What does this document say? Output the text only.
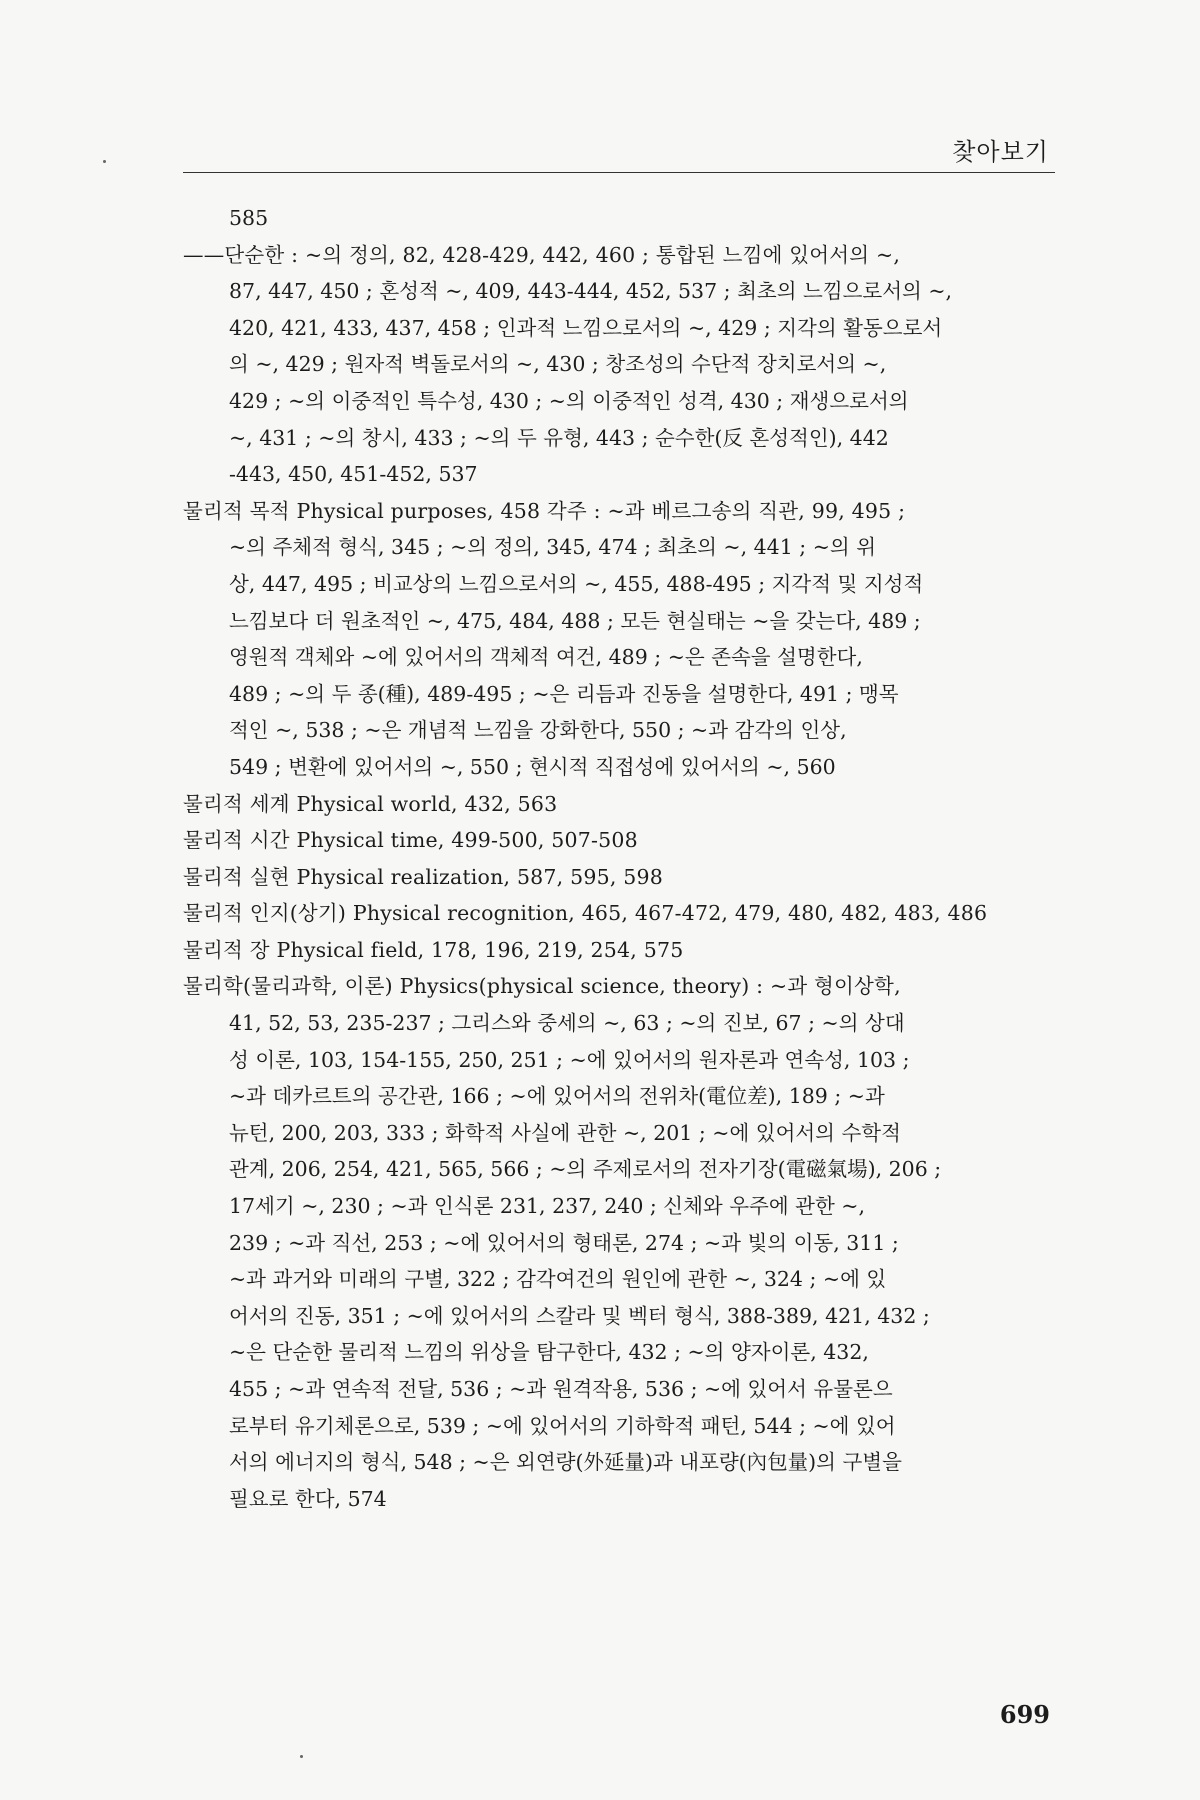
찾아보기
585
——단순한 : ~의 정의, 82, 428-429, 442, 460 ; 통합된 느낌에 있어서의 ~,
87, 447, 450 ; 혼성적 ~, 409, 443-444, 452, 537 ; 최초의 느낌으로서의 ~,
420, 421, 433, 437, 458 ; 인과적 느낌으로서의 ~, 429 ; 지각의 활동으로서
의 ~, 429 ; 원자적 벽돌로서의 ~, 430 ; 창조성의 수단적 장치로서의 ~,
429 ; ~의 이중적인 특수성, 430 ; ~의 이중적인 성격, 430 ; 재생으로서의
~, 431 ; ~의 창시, 433 ; ~의 두 유형, 443 ; 순수한(反 혼성적인), 442
-443, 450, 451-452, 537
물리적 목적 Physical purposes, 458 각주 : ~과 베르그송의 직관, 99, 495 ;
~의 주체적 형식, 345 ; ~의 정의, 345, 474 ; 최초의 ~, 441 ; ~의 위
상, 447, 495 ; 비교상의 느낌으로서의 ~, 455, 488-495 ; 지각적 및 지성적
느낌보다 더 원초적인 ~, 475, 484, 488 ; 모든 현실태는 ~을 갖는다, 489 ;
영원적 객체와 ~에 있어서의 객체적 여건, 489 ; ~은 존속을 설명한다,
489 ; ~의 두 종(種), 489-495 ; ~은 리듬과 진동을 설명한다, 491 ; 맹목
적인 ~, 538 ; ~은 개념적 느낌을 강화한다, 550 ; ~과 감각의 인상,
549 ; 변환에 있어서의 ~, 550 ; 현시적 직접성에 있어서의 ~, 560
물리적 세계 Physical world, 432, 563
물리적 시간 Physical time, 499-500, 507-508
물리적 실현 Physical realization, 587, 595, 598
물리적 인지(상기) Physical recognition, 465, 467-472, 479, 480, 482, 483, 486
물리적 장 Physical field, 178, 196, 219, 254, 575
물리학(물리과학, 이론) Physics(physical science, theory) : ~과 형이상학,
41, 52, 53, 235-237 ; 그리스와 중세의 ~, 63 ; ~의 진보, 67 ; ~의 상대
성 이론, 103, 154-155, 250, 251 ; ~에 있어서의 원자론과 연속성, 103 ;
~과 데카르트의 공간관, 166 ; ~에 있어서의 전위차(電位差), 189 ; ~과
뉴턴, 200, 203, 333 ; 화학적 사실에 관한 ~, 201 ; ~에 있어서의 수학적
관계, 206, 254, 421, 565, 566 ; ~의 주제로서의 전자기장(電磁氣場), 206 ;
17세기 ~, 230 ; ~과 인식론 231, 237, 240 ; 신체와 우주에 관한 ~,
239 ; ~과 직선, 253 ; ~에 있어서의 형태론, 274 ; ~과 빛의 이동, 311 ;
~과 과거와 미래의 구별, 322 ; 감각여건의 원인에 관한 ~, 324 ; ~에 있
어서의 진동, 351 ; ~에 있어서의 스칼라 및 벡터 형식, 388-389, 421, 432 ;
~은 단순한 물리적 느낌의 위상을 탐구한다, 432 ; ~의 양자이론, 432,
455 ; ~과 연속적 전달, 536 ; ~과 원격작용, 536 ; ~에 있어서 유물론으
로부터 유기체론으로, 539 ; ~에 있어서의 기하학적 패턴, 544 ; ~에 있어
서의 에너지의 형식, 548 ; ~은 외연량(外延量)과 내포량(內包量)의 구별을
필요로 한다, 574
699
